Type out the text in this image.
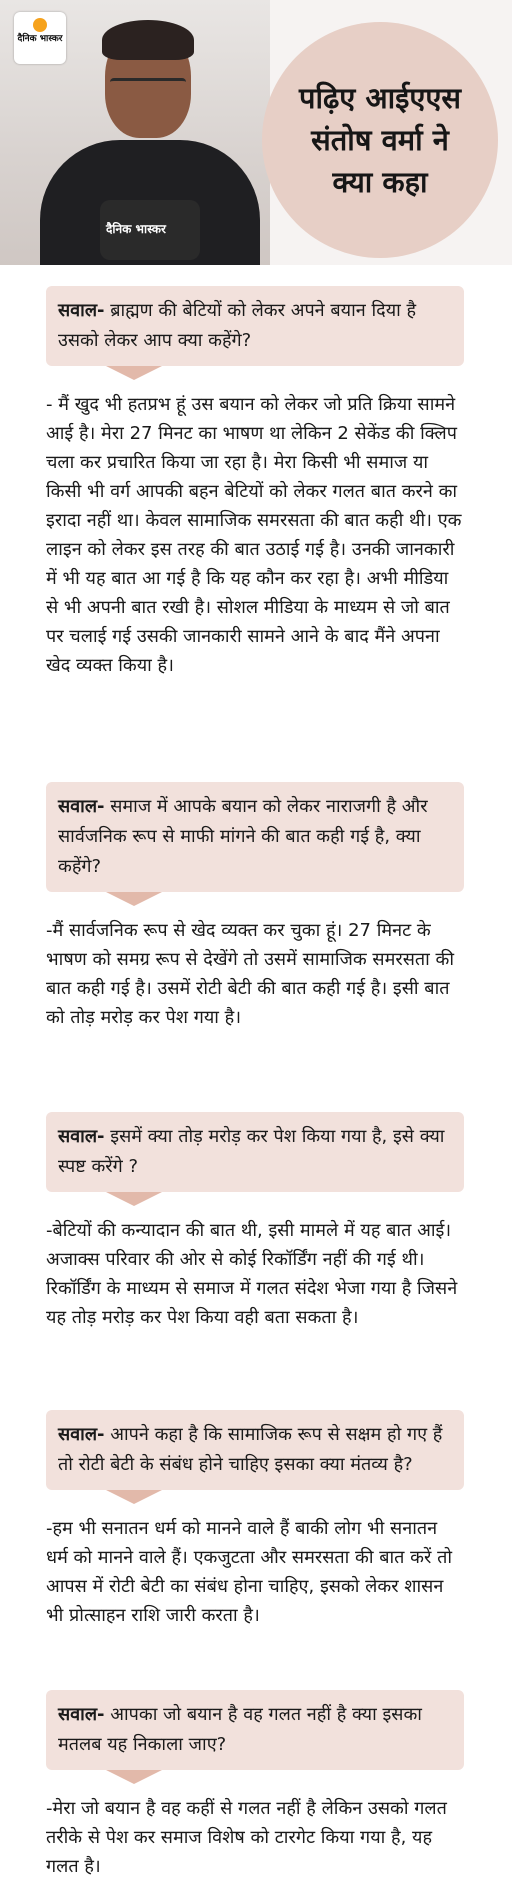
दैनिक भास्कर
दैनिक भास्कर
पढ़िए आईएएस
संतोष वर्मा ने
क्या कहा
सवाल- ब्राह्मण की बेटियों को लेकर अपने बयान दिया है उसको लेकर आप क्या कहेंगे?
- मैं खुद भी हतप्रभ हूं उस बयान को लेकर जो प्रति क्रिया सामने आई है। मेरा 27 मिनट का भाषण था लेकिन 2 सेकेंड की क्लिप चला कर प्रचारित किया जा रहा है। मेरा किसी भी समाज या किसी भी वर्ग आपकी बहन बेटियों को लेकर गलत बात करने का इरादा नहीं था। केवल सामाजिक समरसता की बात कही थी। एक लाइन को लेकर इस तरह की बात उठाई गई है। उनकी जानकारी में भी यह बात आ गई है कि यह कौन कर रहा है। अभी मीडिया से भी अपनी बात रखी है। सोशल मीडिया के माध्यम से जो बात पर चलाई गई उसकी जानकारी सामने आने के बाद मैंने अपना खेद व्यक्त किया है।
सवाल- समाज में आपके बयान को लेकर नाराजगी है और सार्वजनिक रूप से माफी मांगने की बात कही गई है, क्या कहेंगे?
-मैं सार्वजनिक रूप से खेद व्यक्त कर चुका हूं। 27 मिनट के भाषण को समग्र रूप से देखेंगे तो उसमें सामाजिक समरसता की बात कही गई है। उसमें रोटी बेटी की बात कही गई है। इसी बात को तोड़ मरोड़ कर पेश गया है।
सवाल- इसमें क्या तोड़ मरोड़ कर पेश किया गया है, इसे क्या स्पष्ट करेंगे ?
-बेटियों की कन्यादान की बात थी, इसी मामले में यह बात आई। अजाक्स परिवार की ओर से कोई रिकॉर्डिंग नहीं की गई थी। रिकॉर्डिंग के माध्यम से समाज में गलत संदेश भेजा गया है जिसने यह तोड़ मरोड़ कर पेश किया वही बता सकता है।
सवाल- आपने कहा है कि सामाजिक रूप से सक्षम हो गए हैं तो रोटी बेटी के संबंध होने चाहिए इसका क्या मंतव्य है?
-हम भी सनातन धर्म को मानने वाले हैं बाकी लोग भी सनातन धर्म को मानने वाले हैं। एकजुटता और समरसता की बात करें तो आपस में रोटी बेटी का संबंध होना चाहिए, इसको लेकर शासन भी प्रोत्साहन राशि जारी करता है।
सवाल- आपका जो बयान है वह गलत नहीं है क्या इसका मतलब यह निकाला जाए?
-मेरा जो बयान है वह कहीं से गलत नहीं है लेकिन उसको गलत तरीके से पेश कर समाज विशेष को टारगेट किया गया है, यह गलत है।
